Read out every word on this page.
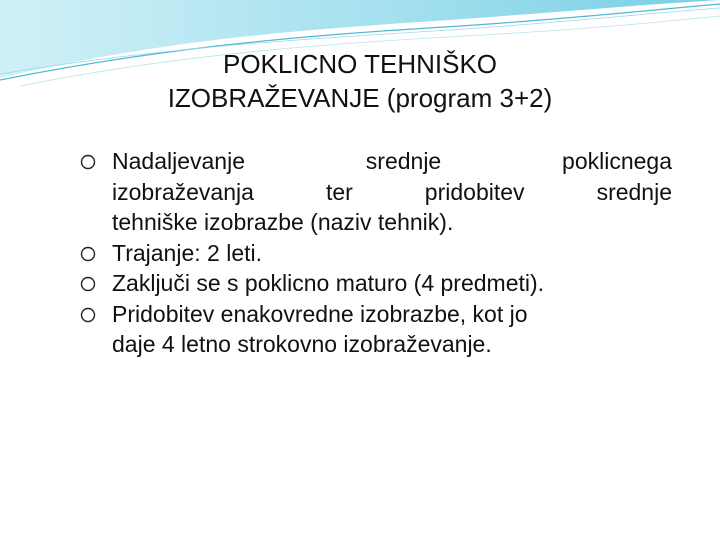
POKLICNO TEHNIŠKO
IZOBRAŽEVANJE (program 3+2)
Nadaljevanje srednje poklicnega
izobraževanja ter pridobitev srednje
tehniške izobrazbe (naziv tehnik).
Trajanje: 2 leti.
Zaključi se s poklicno maturo (4 predmeti).
Pridobitev enakovredne izobrazbe, kot jo
daje 4 letno strokovno izobraževanje.
